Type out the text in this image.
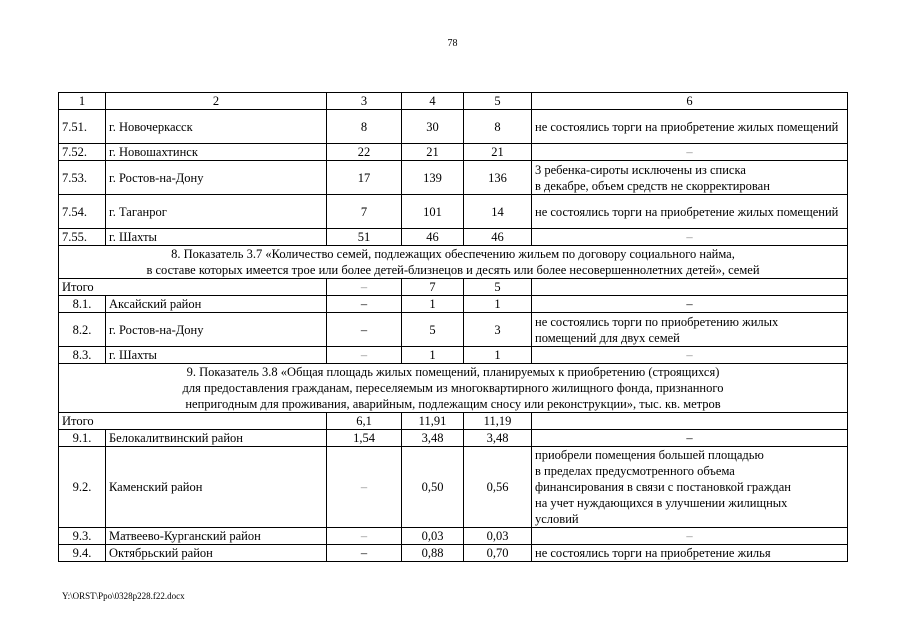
78
1	2	3	4	5	6
7.51.	г. Новочеркасск	8	30	8	не состоялись торги на приобретение жилых помещений
7.52.	г. Новошахтинск	22	21	21	–
7.53.	г. Ростов-на-Дону	17	139	136	3 ребенка-сироты исключены из списка
в декабре, объем средств не скорректирован

7.54.	г. Таганрог	7	101	14	не состоялись торги на приобретение жилых помещений
7.55.	г. Шахты	51	46	46	–

8. Показатель 3.7 «Количество семей, подлежащих обеспечению жильем по договору социального найма,
в составе которых имеется трое или более детей-близнецов и десять или более несовершеннолетних детей», семей					

Итого		–	7	5	
8.1.	Аксайский район	–	1	1	–
8.2.	г. Ростов-на-Дону	–	5	3	не состоялись торги по приобретению жилых
помещений для двух семей

8.3.	г. Шахты	–	1	1	–

9. Показатель 3.8 «Общая площадь жилых помещений, планируемых к приобретению (строящихся)
для предоставления гражданам, переселяемым из многоквартирного жилищного фонда, признанного
непригодным для проживания, аварийным, подлежащим сносу или реконструкции», тыс. кв. метров					

Итого		6,1	11,91	11,19	
9.1.	Белокалитвинский район	1,54	3,48	3,48	–
9.2.	Каменский район	–	0,50	0,56	приобрели помещения большей площадью
в пределах предусмотренного объема
финансирования в связи с постановкой граждан
на учет нуждающихся в улучшении жилищных
условий

9.3.	Матвеево-Курганский район	–	0,03	0,03	–
9.4.	Октябрьский район	–	0,88	0,70	не состоялись торги на приобретение жилья
Y:\ORST\Ppo\0328p228.f22.docx
